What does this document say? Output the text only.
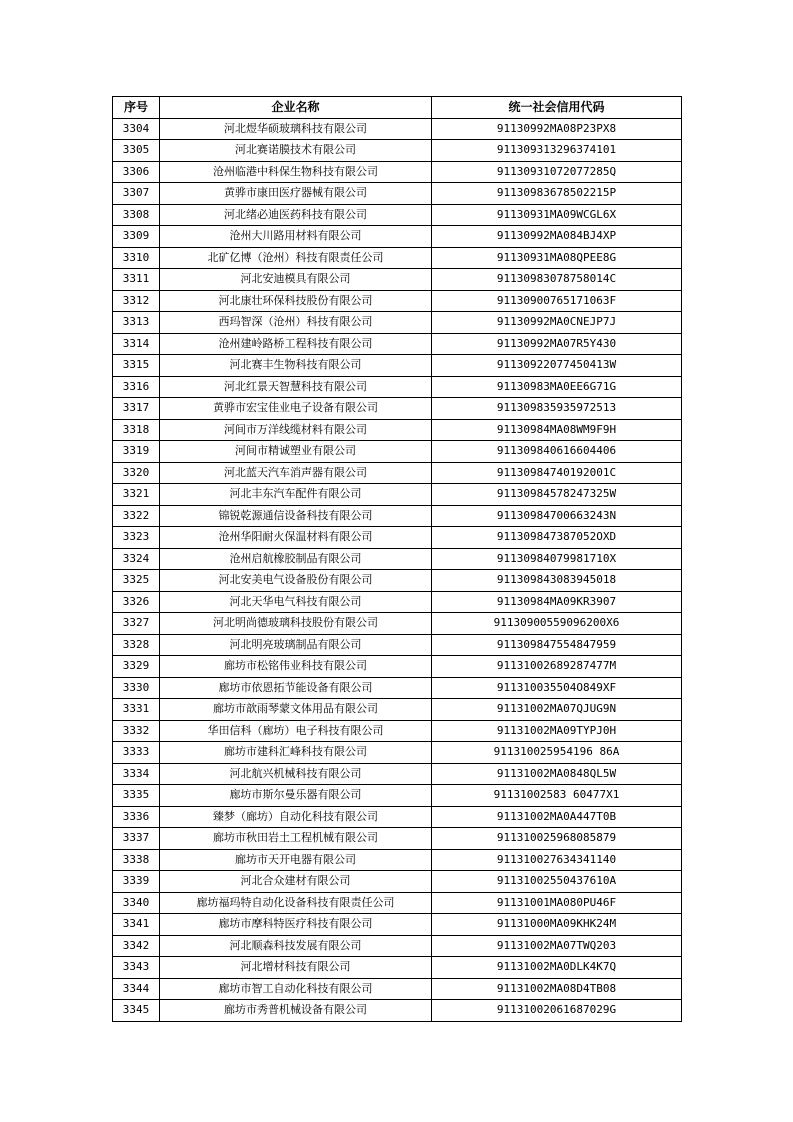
序号	企业名称	统一社会信用代码
3304	河北煜华硕玻璃科技有限公司	91130992MA08P23PX8
3305	河北赛诺膜技术有限公司	911309313296374101
3306	沧州临港中科保生物科技有限公司	91130931072077285Q
3307	黄骅市康田医疗器械有限公司	91130983678502215P
3308	河北绪必迪医药科技有限公司	91130931MA09WCGL6X
3309	沧州大川路用材料有限公司	91130992MA084BJ4XP
3310	北矿亿博（沧州）科技有限责任公司	91130931MA08QPEE8G
3311	河北安迪模具有限公司	91130983078758014C
3312	河北康壮环保科技股份有限公司	91130900765171063F
3313	西玛智深（沧州）科技有限公司	91130992MA0CNEJP7J
3314	沧州建岭路桥工程科技有限公司	91130992MA07R5Y430
3315	河北赛丰生物科技有限公司	91130922077450413W
3316	河北红景天智慧科技有限公司	91130983MA0EE6G71G
3317	黄骅市宏宝佳业电子设备有限公司	911309835935972513
3318	河间市万洋线缆材料有限公司	91130984MA08WM9F9H
3319	河间市精诚塑业有限公司	911309840616604406
3320	河北蓝天汽车消声器有限公司	91130984740192001C
3321	河北丰东汽车配件有限公司	91130984578247325W
3322	锦锐乾源通信设备科技有限公司	91130984700663243N
3323	沧州华阳耐火保温材料有限公司	911309847387052OXD
3324	沧州启航橡胶制品有限公司	91130984079981710X
3325	河北安美电气设备股份有限公司	911309843083945018
3326	河北天华电气科技有限公司	91130984MA09KR3907
3327	河北明尚德玻璃科技股份有限公司	91130900559096200X6
3328	河北明亮玻璃制品有限公司	911309847554847959
3329	廊坊市松铭伟业科技有限公司	91131002689287477M
3330	廊坊市依恩拓节能设备有限公司	911310035504O849XF
3331	廊坊市歆雨琴蒙文体用品有限公司	91131002MA07QJUG9N
3332	华田信科（廊坊）电子科技有限公司	91131002MA09TYPJ0H
3333	廊坊市建科汇峰科技有限公司	911310025954196 86A
3334	河北航兴机械科技有限公司	91131002MA0848QL5W
3335	廊坊市斯尔曼乐器有限公司	91131002583 60477X1
3336	臻梦（廊坊）自动化科技有限公司	91131002MA0A447T0B
3337	廊坊市秋田岩土工程机械有限公司	911310025968085879
3338	廊坊市天开电器有限公司	911310027634341140
3339	河北合众建材有限公司	91131002550437610A
3340	廊坊福玛特自动化设备科技有限责任公司	91131001MA080PU46F
3341	廊坊市摩科特医疗科技有限公司	91131000MA09KHK24M
3342	河北顺森科技发展有限公司	91131002MA07TWQ203
3343	河北增材科技有限公司	91131002MA0DLK4K7Q
3344	廊坊市智工自动化科技有限公司	91131002MA08D4TB08
3345	廊坊市秀普机械设备有限公司	91131002061687029G
